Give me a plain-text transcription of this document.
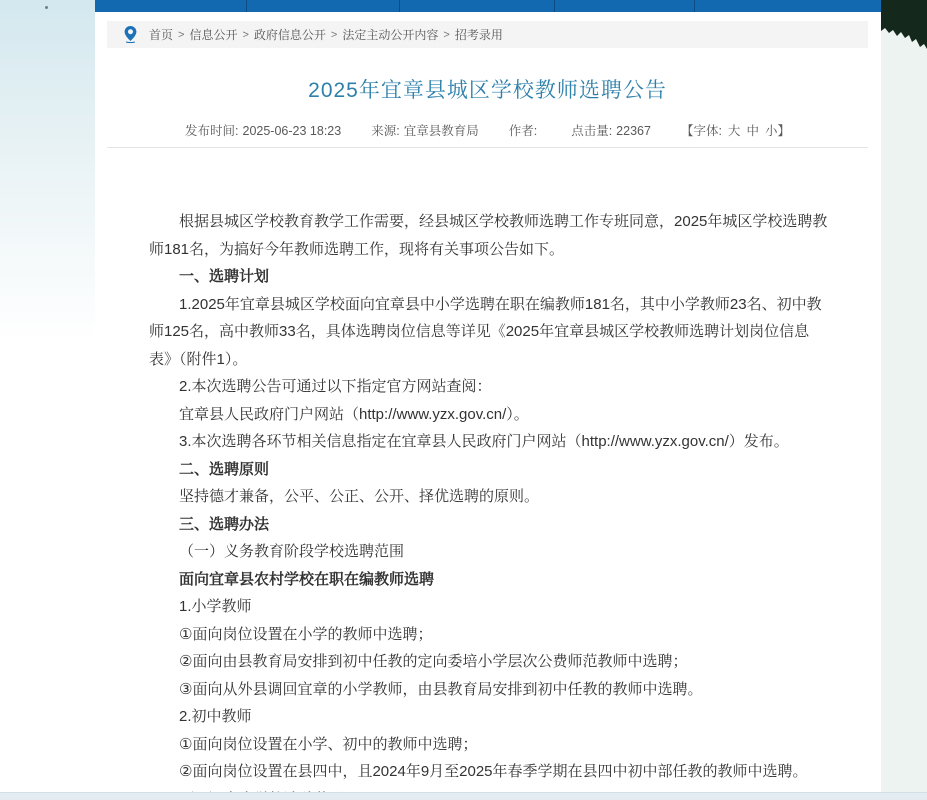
首页 > 信息公开 > 政府信息公开 > 法定主动公开内容 > 招考录用
2025年宜章县城区学校教师选聘公告
发布时间: 2025-06-23 18:23 来源: 宜章县教育局 作者:	点击量: 22367 【字体: 大 中 小】

根据县城区学校教育教学工作需要，经县城区学校教师选聘工作专班同意，2025年城区学校选聘教师181名，为搞好今年教师选聘工作，现将有关事项公告如下。

一、选聘计划

1.2025年宜章县城区学校面向宜章县中小学选聘在职在编教师181名，其中小学教师23名、初中教师125名，高中教师33名，具体选聘岗位信息等详见《2025年宜章县城区学校教师选聘计划岗位信息表》（附件1）。

2.本次选聘公告可通过以下指定官方网站查阅：

宜章县人民政府门户网站（http://www.yzx.gov.cn/）。

3.本次选聘各环节相关信息指定在宜章县人民政府门户网站（http://www.yzx.gov.cn/）发布。

二、选聘原则

坚持德才兼备，公平、公正、公开、择优选聘的原则。

三、选聘办法

（一）义务教育阶段学校选聘范围

面向宜章县农村学校在职在编教师选聘

1.小学教师

①面向岗位设置在小学的教师中选聘；

②面向由县教育局安排到初中任教的定向委培小学层次公费师范教师中选聘；

③面向从外县调回宜章的小学教师，由县教育局安排到初中任教的教师中选聘。

2.初中教师

①面向岗位设置在小学、初中的教师中选聘；

②面向岗位设置在县四中，且2024年9月至2025年春季学期在县四中初中部任教的教师中选聘。
